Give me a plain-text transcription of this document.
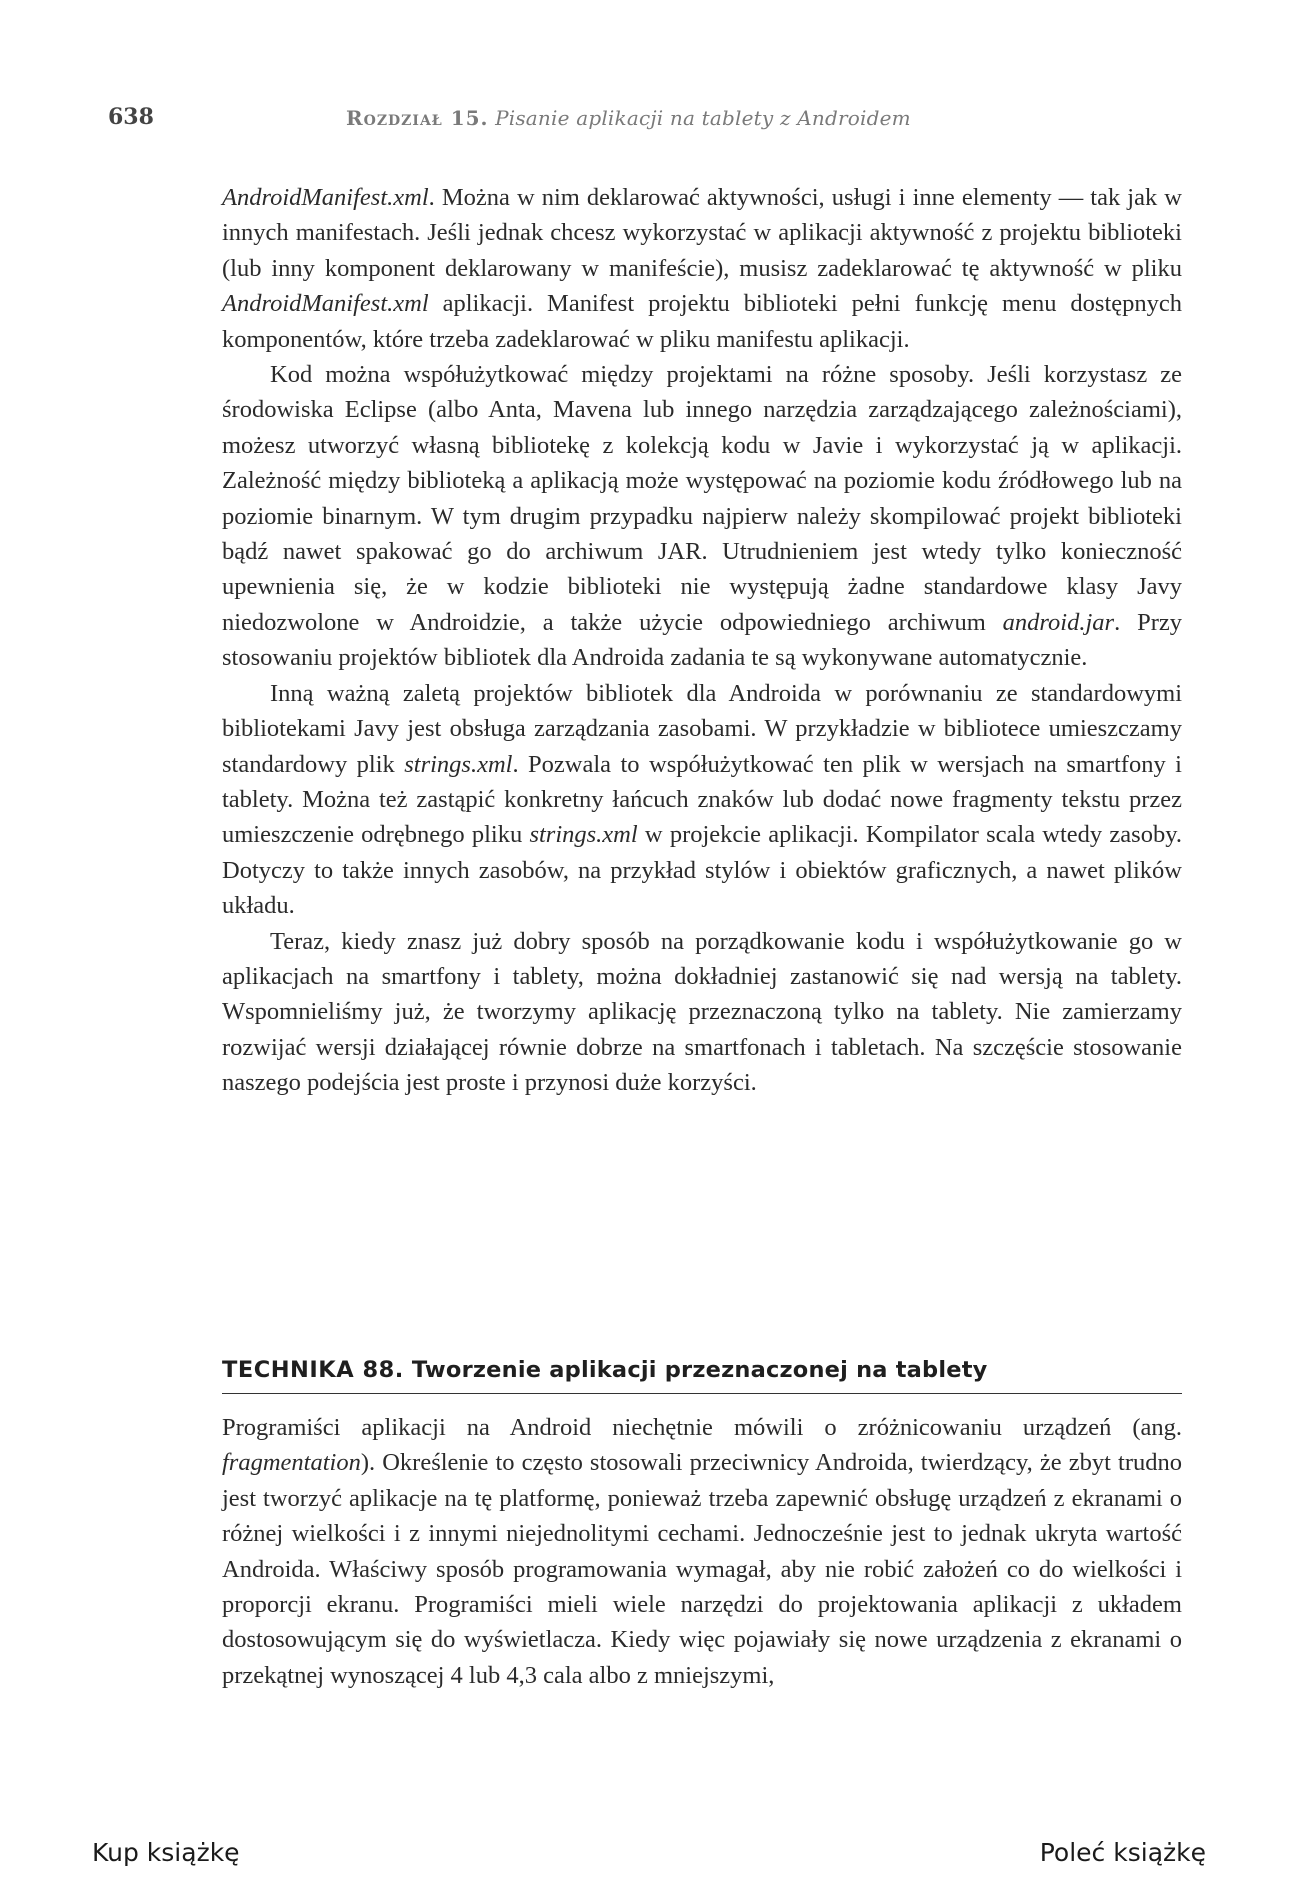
638	Rozdział 15. Pisanie aplikacji na tablety z Androidem

AndroidManifest.xml. Można w nim deklarować aktywności, usługi i inne elementy — tak jak w innych manifestach. Jeśli jednak chcesz wykorzystać w aplikacji aktywność z projektu biblioteki (lub inny komponent deklarowany w manifeście), musisz zadeklarować tę aktywność w pliku AndroidManifest.xml aplikacji. Manifest projektu biblioteki pełni funkcję menu dostępnych komponentów, które trzeba zadeklarować w pliku manifestu aplikacji.

Kod można współużytkować między projektami na różne sposoby. Jeśli korzystasz ze środowiska Eclipse (albo Anta, Mavena lub innego narzędzia zarządzającego zależnościami), możesz utworzyć własną bibliotekę z kolekcją kodu w Javie i wykorzystać ją w aplikacji. Zależność między biblioteką a aplikacją może występować na poziomie kodu źródłowego lub na poziomie binarnym. W tym drugim przypadku najpierw należy skompilować projekt biblioteki bądź nawet spakować go do archiwum JAR. Utrudnieniem jest wtedy tylko konieczność upewnienia się, że w kodzie biblioteki nie występują żadne standardowe klasy Javy niedozwolone w Androidzie, a także użycie odpowiedniego archiwum android.jar. Przy stosowaniu projektów bibliotek dla Androida zadania te są wykonywane automatycznie.

Inną ważną zaletą projektów bibliotek dla Androida w porównaniu ze standardowymi bibliotekami Javy jest obsługa zarządzania zasobami. W przykładzie w bibliotece umieszczamy standardowy plik strings.xml. Pozwala to współużytkować ten plik w wersjach na smartfony i tablety. Można też zastąpić konkretny łańcuch znaków lub dodać nowe fragmenty tekstu przez umieszczenie odrębnego pliku strings.xml w projekcie aplikacji. Kompilator scala wtedy zasoby. Dotyczy to także innych zasobów, na przykład stylów i obiektów graficznych, a nawet plików układu.

Teraz, kiedy znasz już dobry sposób na porządkowanie kodu i współużytkowanie go w aplikacjach na smartfony i tablety, można dokładniej zastanowić się nad wersją na tablety. Wspomnieliśmy już, że tworzymy aplikację przeznaczoną tylko na tablety. Nie zamierzamy rozwijać wersji działającej równie dobrze na smartfonach i tabletach. Na szczęście stosowanie naszego podejścia jest proste i przynosi duże korzyści.

TECHNIKA 88. Tworzenie aplikacji przeznaczonej na tablety

Programiści aplikacji na Android niechętnie mówili o zróżnicowaniu urządzeń (ang. fragmentation). Określenie to często stosowali przeciwnicy Androida, twierdzący, że zbyt trudno jest tworzyć aplikacje na tę platformę, ponieważ trzeba zapewnić obsługę urządzeń z ekranami o różnej wielkości i z innymi niejednolitymi cechami. Jednocześnie jest to jednak ukryta wartość Androida. Właściwy sposób programowania wymagał, aby nie robić założeń co do wielkości i proporcji ekranu. Programiści mieli wiele narzędzi do projektowania aplikacji z układem dostosowującym się do wyświetlacza. Kiedy więc pojawiały się nowe urządzenia z ekranami o przekątnej wynoszącej 4 lub 4,3 cala albo z mniejszymi,

Kup książkę	Poleć książkę
